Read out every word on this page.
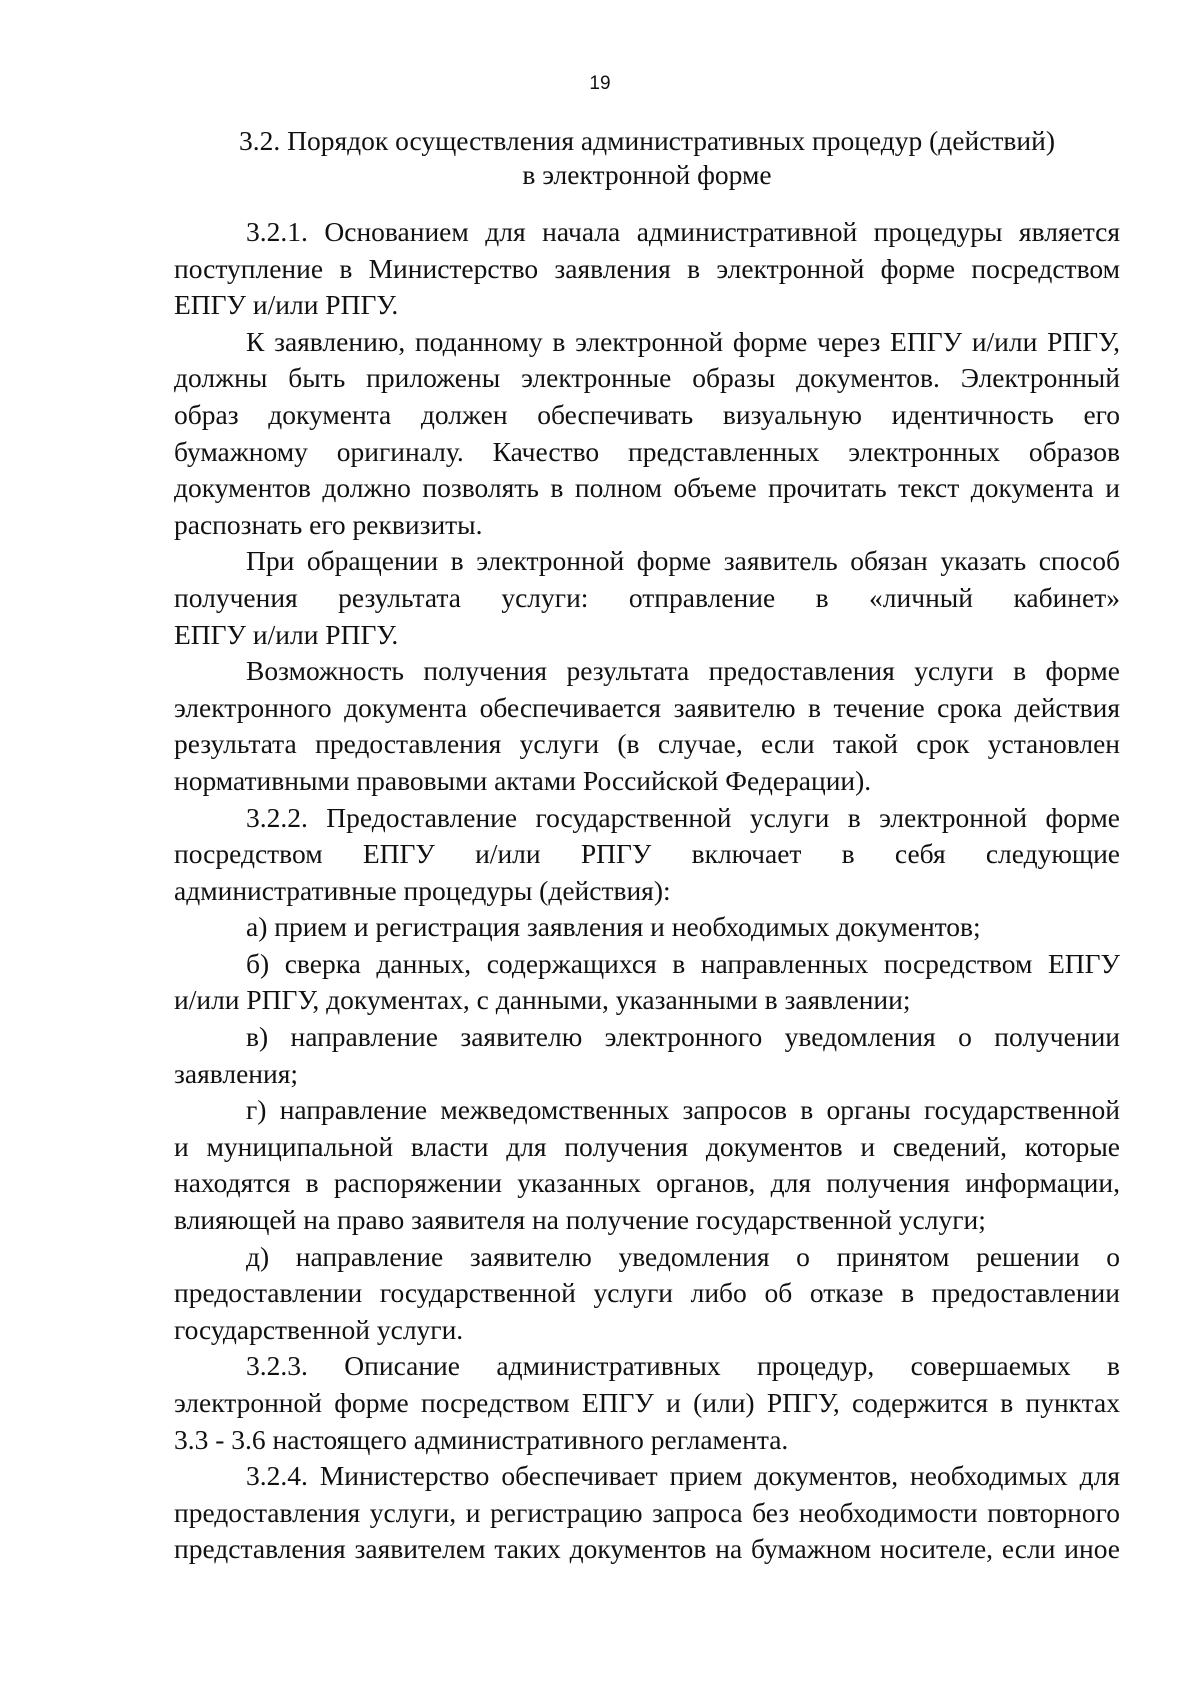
19
3.2. Порядок осуществления административных процедур (действий)
в электронной форме
3.2.1. Основанием для начала административной процедуры является
поступление в Министерство заявления в электронной форме посредством
ЕПГУ и/или РПГУ.
К заявлению, поданному в электронной форме через ЕПГУ и/или РПГУ,
должны быть приложены электронные образы документов. Электронный
образ документа должен обеспечивать визуальную идентичность его
бумажному оригиналу. Качество представленных электронных образов
документов должно позволять в полном объеме прочитать текст документа и
распознать его реквизиты.
При обращении в электронной форме заявитель обязан указать способ
получения результата услуги: отправление в «личный кабинет»
ЕПГУ и/или РПГУ.
Возможность получения результата предоставления услуги в форме
электронного документа обеспечивается заявителю в течение срока действия
результата предоставления услуги (в случае, если такой срок установлен
нормативными правовыми актами Российской Федерации).
3.2.2. Предоставление государственной услуги в электронной форме
посредством ЕПГУ и/или РПГУ включает в себя следующие
административные процедуры (действия):
а) прием и регистрация заявления и необходимых документов;
б) сверка данных, содержащихся в направленных посредством ЕПГУ
и/или РПГУ, документах, с данными, указанными в заявлении;
в) направление заявителю электронного уведомления о получении
заявления;
г) направление межведомственных запросов в органы государственной
и муниципальной власти для получения документов и сведений, которые
находятся в распоряжении указанных органов, для получения информации,
влияющей на право заявителя на получение государственной услуги;
д) направление заявителю уведомления о принятом решении о
предоставлении государственной услуги либо об отказе в предоставлении
государственной услуги.
3.2.3. Описание административных процедур, совершаемых в
электронной форме посредством ЕПГУ и (или) РПГУ, содержится в пунктах
3.3 - 3.6 настоящего административного регламента.
3.2.4. Министерство обеспечивает прием документов, необходимых для
предоставления услуги, и регистрацию запроса без необходимости повторного
представления заявителем таких документов на бумажном носителе, если иное
